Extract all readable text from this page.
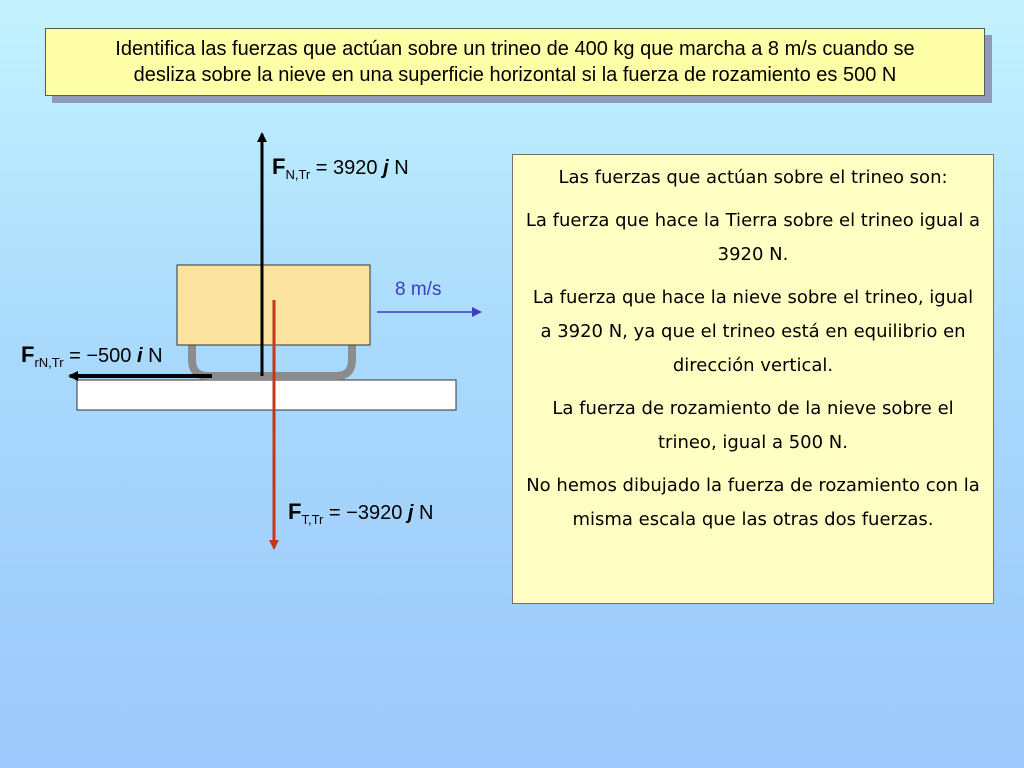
Identifica las fuerzas que actúan sobre un trineo de 400 kg que marcha a 8 m/s cuando se
desliza sobre la nieve en una superficie horizontal si la fuerza de rozamiento es 500 N
$F_{N,Tr} = 3920$ j N
$F_{T,Tr} = -3920$ j N
$F_{rN,Tr} = -500$ i N
8 m/s

Las fuerzas que actúan sobre el trineo son:

La fuerza que hace la Tierra sobre el trineo igual a 3920 N.

La fuerza que hace la nieve sobre el trineo, igual a 3920 N, ya que el trineo está en equilibrio en dirección vertical.

La fuerza de rozamiento de la nieve sobre el trineo, igual a 500 N.

No hemos dibujado la fuerza de rozamiento con la misma escala que las otras dos fuerzas.
